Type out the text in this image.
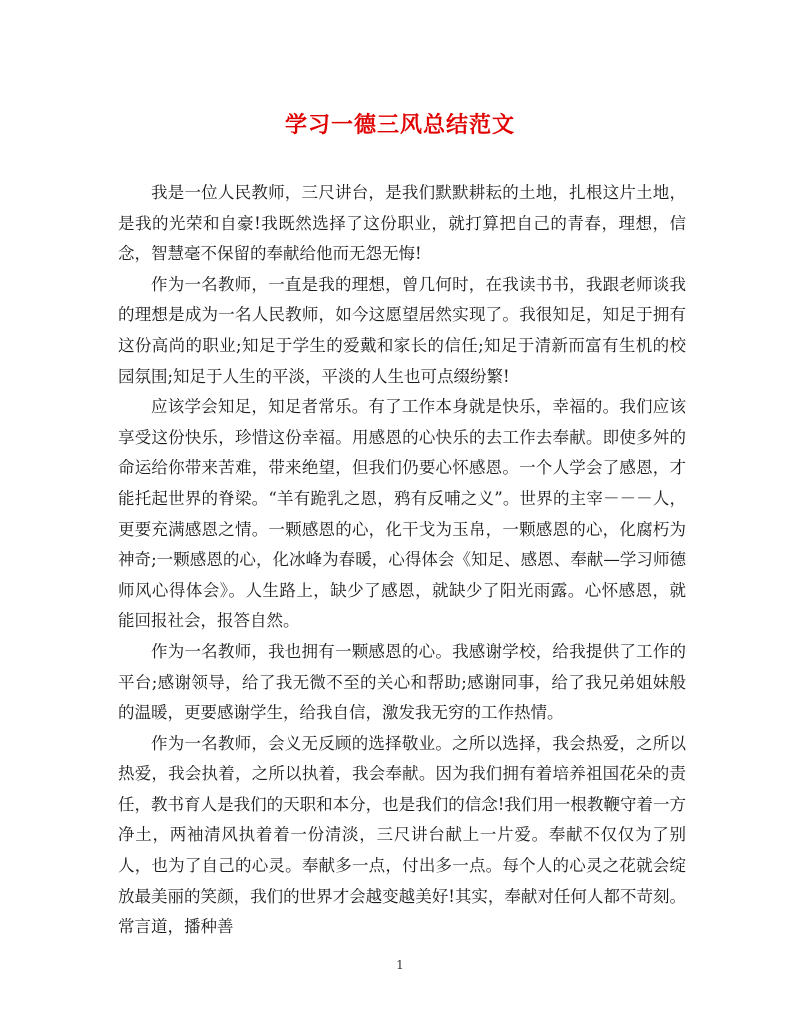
学习一德三风总结范文

我是一位人民教师，三尺讲台，是我们默默耕耘的土地，扎根这片土地，是我的光荣和自豪!我既然选择了这份职业，就打算把自己的青春，理想，信念，智慧毫不保留的奉献给他而无怨无悔!

作为一名教师，一直是我的理想，曾几何时，在我读书书，我跟老师谈我的理想是成为一名人民教师，如今这愿望居然实现了。我很知足，知足于拥有这份高尚的职业;知足于学生的爱戴和家长的信任;知足于清新而富有生机的校园氛围;知足于人生的平淡，平淡的人生也可点缀纷繁!

应该学会知足，知足者常乐。有了工作本身就是快乐，幸福的。我们应该享受这份快乐，珍惜这份幸福。用感恩的心快乐的去工作去奉献。即使多舛的命运给你带来苦难，带来绝望，但我们仍要心怀感恩。一个人学会了感恩，才能托起世界的脊梁。“羊有跪乳之恩，鸦有反哺之义”。世界的主宰－－－人，更要充满感恩之情。一颗感恩的心，化干戈为玉帛，一颗感恩的心，化腐朽为神奇;一颗感恩的心，化冰峰为春暖，心得体会《知足、感恩、奉献—学习师德师风心得体会》。人生路上，缺少了感恩，就缺少了阳光雨露。心怀感恩，就能回报社会，报答自然。

作为一名教师，我也拥有一颗感恩的心。我感谢学校，给我提供了工作的平台;感谢领导，给了我无微不至的关心和帮助;感谢同事，给了我兄弟姐妹般的温暖，更要感谢学生，给我自信，激发我无穷的工作热情。

作为一名教师，会义无反顾的选择敬业。之所以选择，我会热爱，之所以热爱，我会执着，之所以执着，我会奉献。因为我们拥有着培养祖国花朵的责任，教书育人是我们的天职和本分，也是我们的信念!我们用一根教鞭守着一方净土，两袖清风执着着一份清淡，三尺讲台献上一片爱。奉献不仅仅为了别人，也为了自己的心灵。奉献多一点，付出多一点。每个人的心灵之花就会绽放最美丽的笑颜，我们的世界才会越变越美好!其实，奉献对任何人都不苛刻。常言道，播种善

1
